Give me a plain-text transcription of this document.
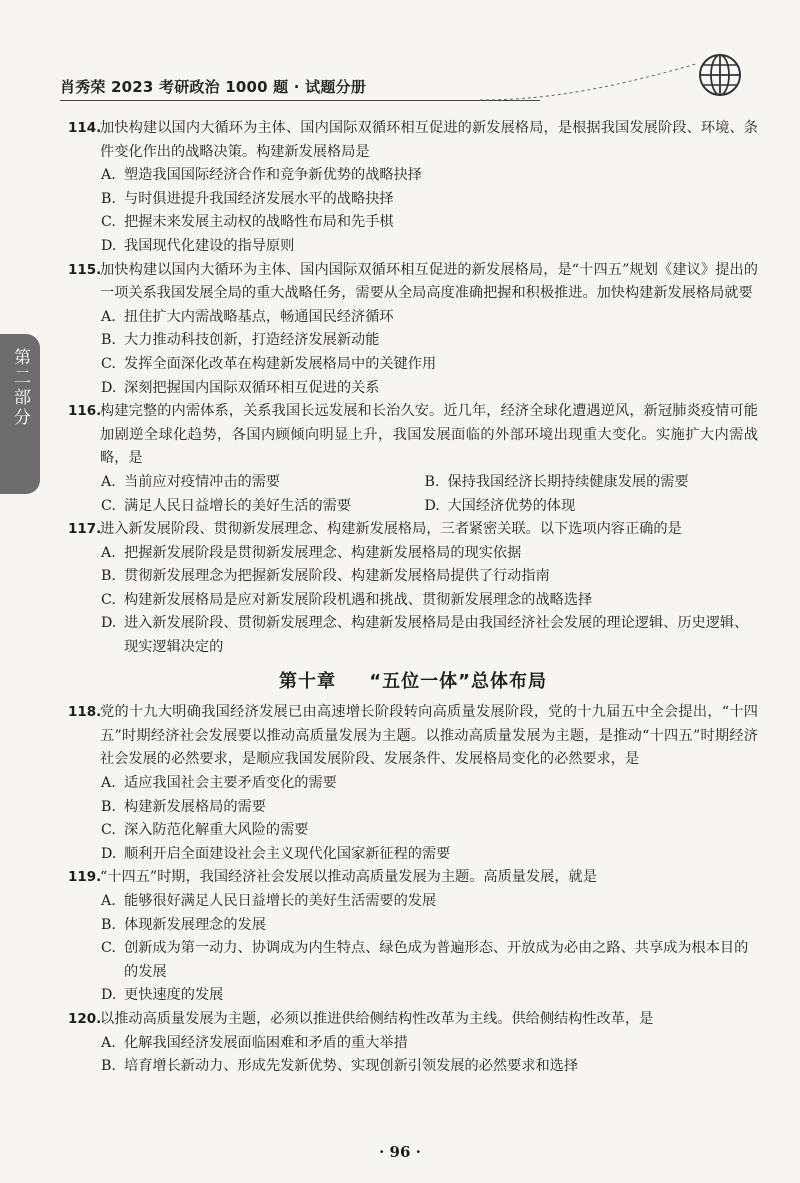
肖秀荣 2023 考研政治 1000 题 · 试题分册
第二部分
114.
加快构建以国内大循环为主体、国内国际双循环相互促进的新发展格局，是根据我国发展阶段、环境、条件变化作出的战略决策。构建新发展格局是
A. 塑造我国国际经济合作和竞争新优势的战略抉择
B. 与时俱进提升我国经济发展水平的战略抉择
C. 把握未来发展主动权的战略性布局和先手棋
D. 我国现代化建设的指导原则
115.
加快构建以国内大循环为主体、国内国际双循环相互促进的新发展格局，是“十四五”规划《建议》提出的一项关系我国发展全局的重大战略任务，需要从全局高度准确把握和积极推进。加快构建新发展格局就要
A. 扭住扩大内需战略基点，畅通国民经济循环
B. 大力推动科技创新，打造经济发展新动能
C. 发挥全面深化改革在构建新发展格局中的关键作用
D. 深刻把握国内国际双循环相互促进的关系
116.
构建完整的内需体系，关系我国长远发展和长治久安。近几年，经济全球化遭遇逆风，新冠肺炎疫情可能加剧逆全球化趋势，各国内顾倾向明显上升，我国发展面临的外部环境出现重大变化。实施扩大内需战略，是
A. 当前应对疫情冲击的需要	B. 保持我国经济长期持续健康发展的需要
C. 满足人民日益增长的美好生活的需要	D. 大国经济优势的体现
117.
进入新发展阶段、贯彻新发展理念、构建新发展格局，三者紧密关联。以下选项内容正确的是
A. 把握新发展阶段是贯彻新发展理念、构建新发展格局的现实依据
B. 贯彻新发展理念为把握新发展阶段、构建新发展格局提供了行动指南
C. 构建新发展格局是应对新发展阶段机遇和挑战、贯彻新发展理念的战略选择
D. 进入新发展阶段、贯彻新发展理念、构建新发展格局是由我国经济社会发展的理论逻辑、历史逻辑、现实逻辑决定的
第十章 “五位一体”总体布局
118.
党的十九大明确我国经济发展已由高速增长阶段转向高质量发展阶段，党的十九届五中全会提出，“十四五”时期经济社会发展要以推动高质量发展为主题。以推动高质量发展为主题，是推动“十四五”时期经济社会发展的必然要求，是顺应我国发展阶段、发展条件、发展格局变化的必然要求，是
A. 适应我国社会主要矛盾变化的需要
B. 构建新发展格局的需要
C. 深入防范化解重大风险的需要
D. 顺利开启全面建设社会主义现代化国家新征程的需要
119.
“十四五”时期，我国经济社会发展以推动高质量发展为主题。高质量发展，就是
A. 能够很好满足人民日益增长的美好生活需要的发展
B. 体现新发展理念的发展
C. 创新成为第一动力、协调成为内生特点、绿色成为普遍形态、开放成为必由之路、共享成为根本目的的发展
D. 更快速度的发展
120.
以推动高质量发展为主题，必须以推进供给侧结构性改革为主线。供给侧结构性改革，是
A. 化解我国经济发展面临困难和矛盾的重大举措
B. 培育增长新动力、形成先发新优势、实现创新引领发展的必然要求和选择
· 96 ·
